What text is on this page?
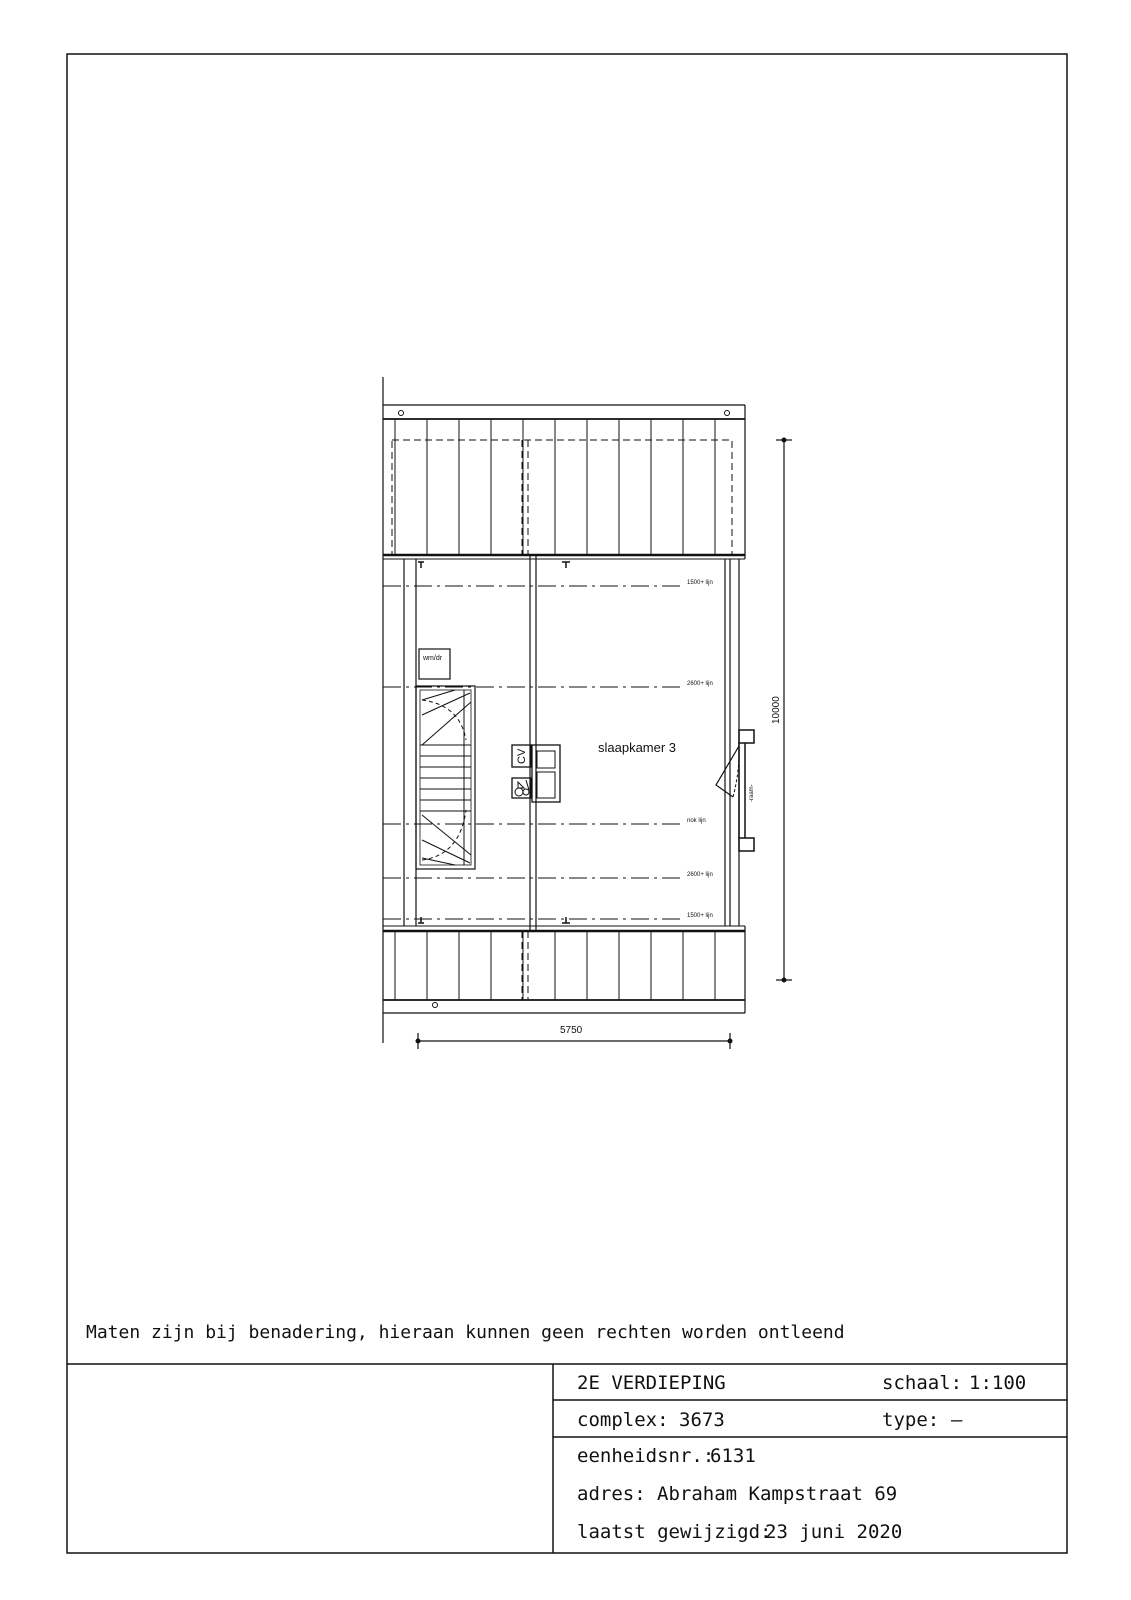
slaapkamer 3
wm/dr
CV
5750
10000
-raam-
1500+ lijn
2600+ lijn
nok lijn
2600+ lijn
1500+ lijn
Maten zijn bij benadering, hieraan kunnen geen rechten worden ontleend
2E VERDIEPING	schaal: 1:100
complex: 3673	type: –
eenheidsnr.:
6131
adres: Abraham Kampstraat 69
laatst gewijzigd:
23 juni 2020
